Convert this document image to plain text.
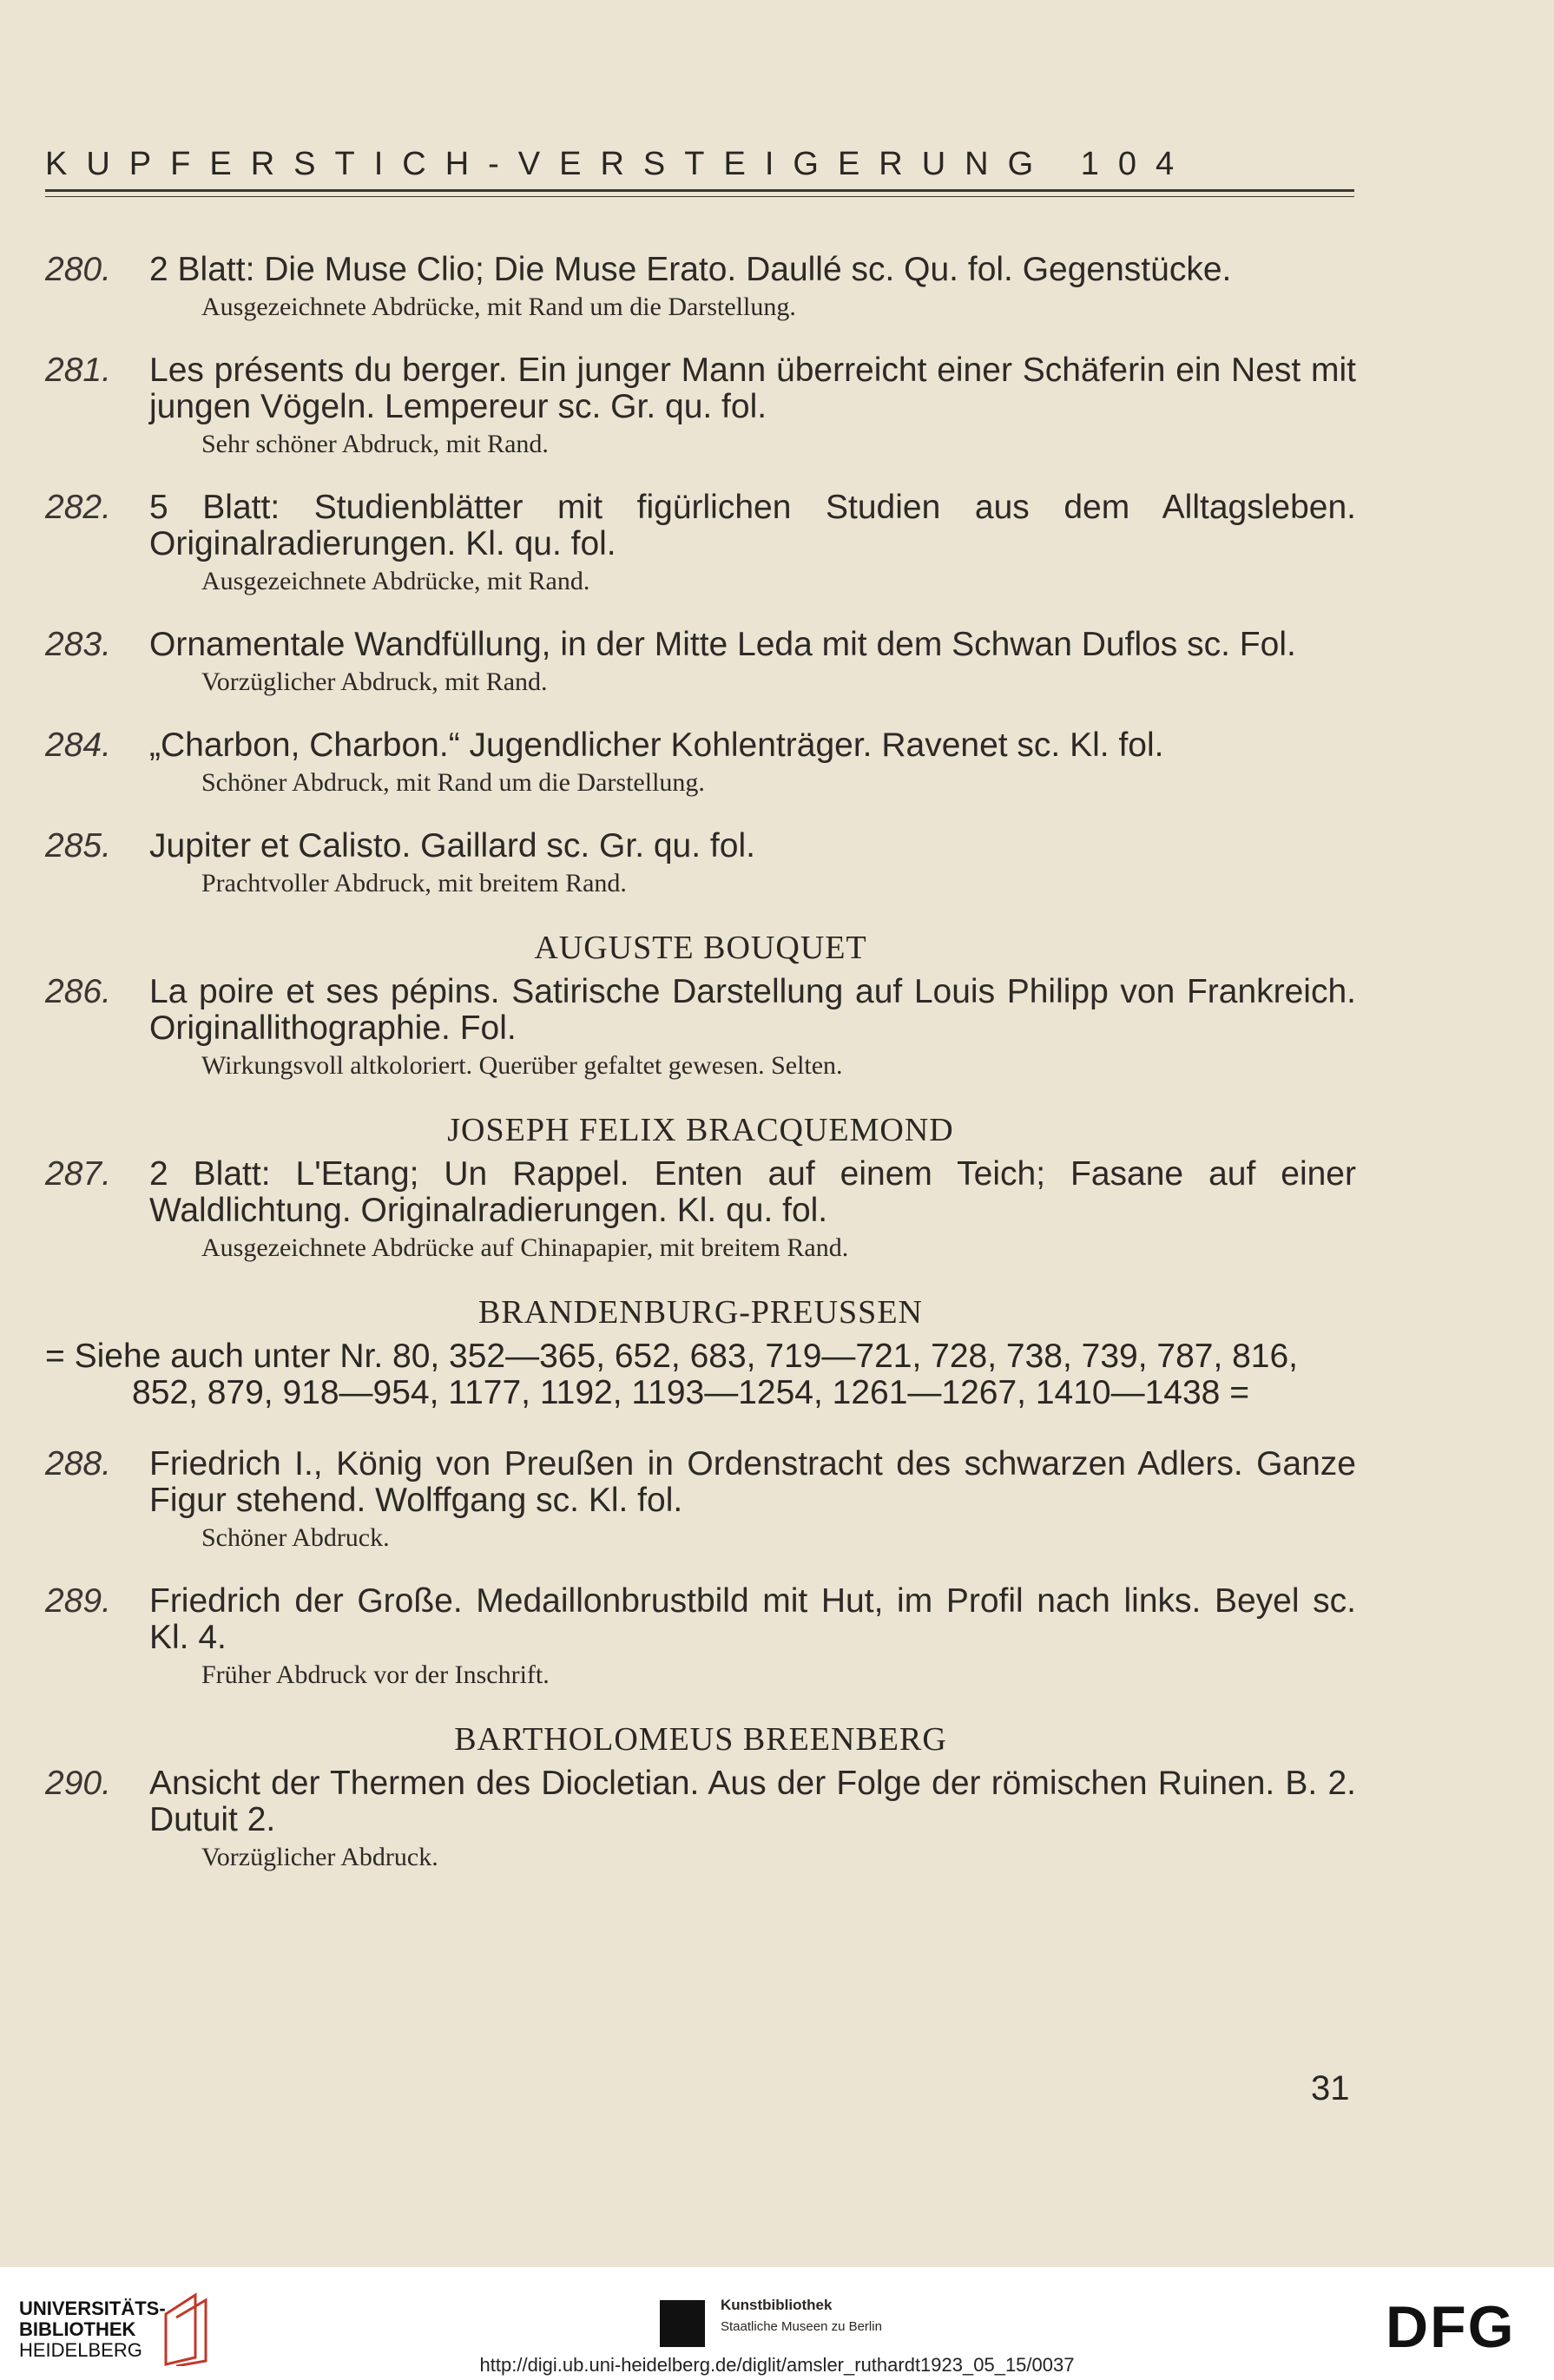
KUPFERSTICH-VERSTEIGERUNG 104
280.	2 Blatt: Die Muse Clio; Die Muse Erato. Daullé sc. Qu. fol. Gegenstücke.
Ausgezeichnete Abdrücke, mit Rand um die Darstellung.
281.	Les présents du berger. Ein junger Mann überreicht einer Schäferin ein Nest mit jungen Vögeln. Lempereur sc. Gr. qu. fol.
Sehr schöner Abdruck, mit Rand.
282.	5 Blatt: Studienblätter mit figürlichen Studien aus dem Alltagsleben. Originalradierungen. Kl. qu. fol.
Ausgezeichnete Abdrücke, mit Rand.
283.	Ornamentale Wandfüllung, in der Mitte Leda mit dem Schwan Duflos sc. Fol.
Vorzüglicher Abdruck, mit Rand.
284.	„Charbon, Charbon.“ Jugendlicher Kohlenträger. Ravenet sc. Kl. fol.
Schöner Abdruck, mit Rand um die Darstellung.
285.	Jupiter et Calisto. Gaillard sc. Gr. qu. fol.
Prachtvoller Abdruck, mit breitem Rand.
AUGUSTE BOUQUET
286.	La poire et ses pépins. Satirische Darstellung auf Louis Philipp von Frankreich. Originallithographie. Fol.
Wirkungsvoll altkoloriert. Querüber gefaltet gewesen. Selten.
JOSEPH FELIX BRACQUEMOND
287.	2 Blatt: L'Etang; Un Rappel. Enten auf einem Teich; Fasane auf einer Waldlichtung. Originalradierungen. Kl. qu. fol.
Ausgezeichnete Abdrücke auf Chinapapier, mit breitem Rand.
BRANDENBURG-PREUSSEN
= Siehe auch unter Nr. 80, 352—365, 652, 683, 719—721, 728, 738, 739, 787, 816,
852, 879, 918—954, 1177, 1192, 1193—1254, 1261—1267, 1410—1438 =
288.	Friedrich I., König von Preußen in Ordenstracht des schwarzen Adlers. Ganze Figur stehend. Wolffgang sc. Kl. fol.
Schöner Abdruck.
289.	Friedrich der Große. Medaillonbrustbild mit Hut, im Profil nach links. Beyel sc. Kl. 4.
Früher Abdruck vor der Inschrift.
BARTHOLOMEUS BREENBERG
290.	Ansicht der Thermen des Diocletian. Aus der Folge der römischen Ruinen. B. 2. Dutuit 2.
Vorzüglicher Abdruck.
31
UNIVERSITÄTS-
BIBLIOTHEK
HEIDELBERG
Kunstbibliothek
Staatliche Museen zu Berlin	DFG
http://digi.ub.uni-heidelberg.de/diglit/amsler_ruthardt1923_05_15/0037
